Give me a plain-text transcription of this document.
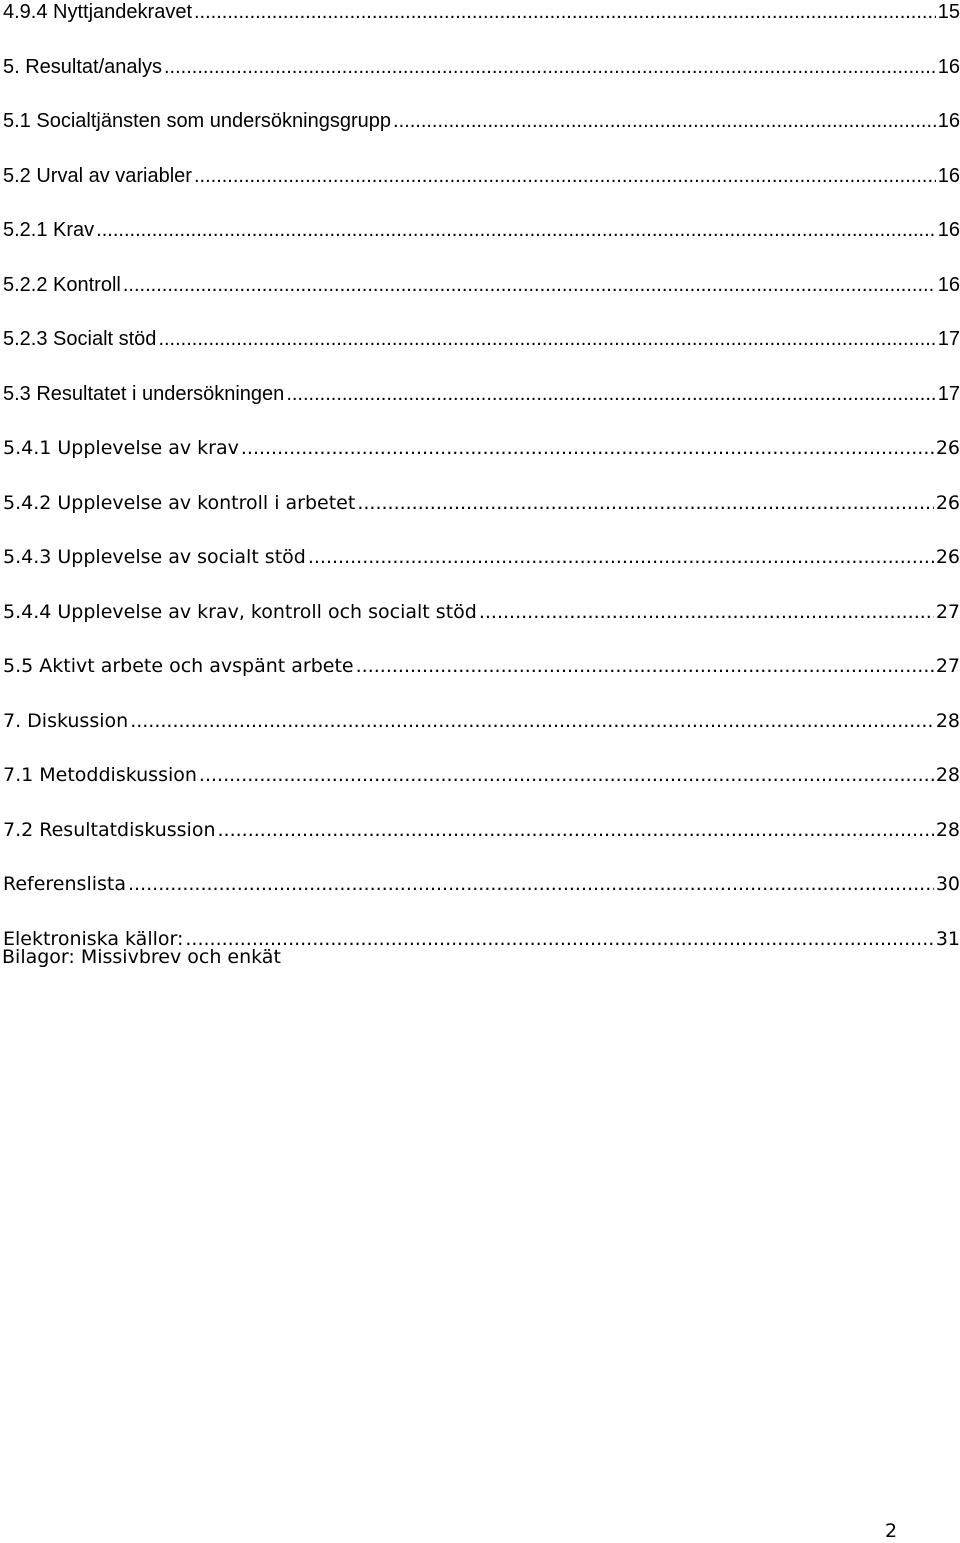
4.9.4 Nyttjandekravet .....	15
5. Resultat/analys .....	16
5.1 Socialtjänsten som undersökningsgrupp .....	16
5.2 Urval av variabler .....	16
5.2.1 Krav .....	16
5.2.2 Kontroll .....	16
5.2.3 Socialt stöd .....	17
5.3 Resultatet i undersökningen .....	17
5.4.1 Upplevelse av krav .....	26
5.4.2 Upplevelse av kontroll i arbetet .....	26
5.4.3 Upplevelse av socialt stöd .....	26
5.4.4 Upplevelse av krav, kontroll och socialt stöd .....	27
5.5 Aktivt arbete och avspänt arbete .....	27
7. Diskussion .....	28
7.1 Metoddiskussion .....	28
7.2 Resultatdiskussion .....	28
Referenslista .....	30
Elektroniska källor: .....	31
Bilagor: Missivbrev och enkät
2
